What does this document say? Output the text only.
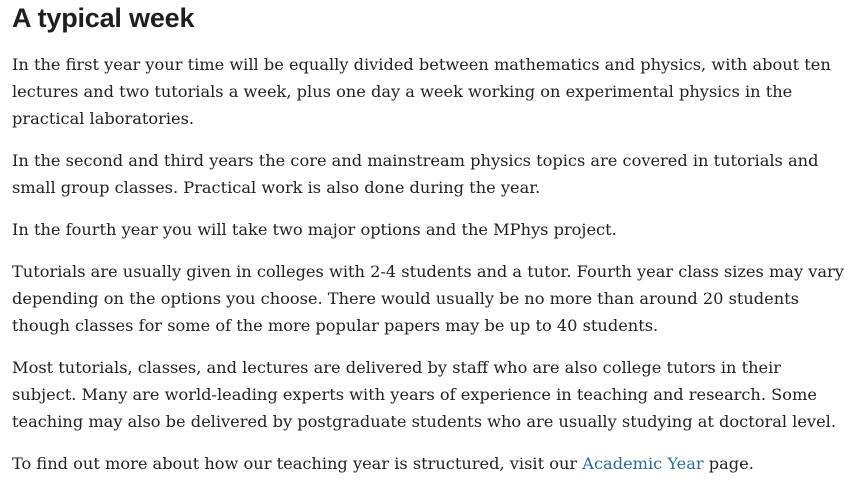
A typical week

In the first year your time will be equally divided between mathematics and physics, with about ten lectures and two tutorials a week, plus one day a week working on experimental physics in the practical laboratories.

In the second and third years the core and mainstream physics topics are covered in tutorials and small group classes. Practical work is also done during the year.

In the fourth year you will take two major options and the MPhys project.

Tutorials are usually given in colleges with 2-4 students and a tutor. Fourth year class sizes may vary depending on the options you choose. There would usually be no more than around 20 students though classes for some of the more popular papers may be up to 40 students.

Most tutorials, classes, and lectures are delivered by staff who are also college tutors in their subject. Many are world-leading experts with years of experience in teaching and research. Some teaching may also be delivered by postgraduate students who are usually studying at doctoral level.

To find out more about how our teaching year is structured, visit our Academic Year page.
